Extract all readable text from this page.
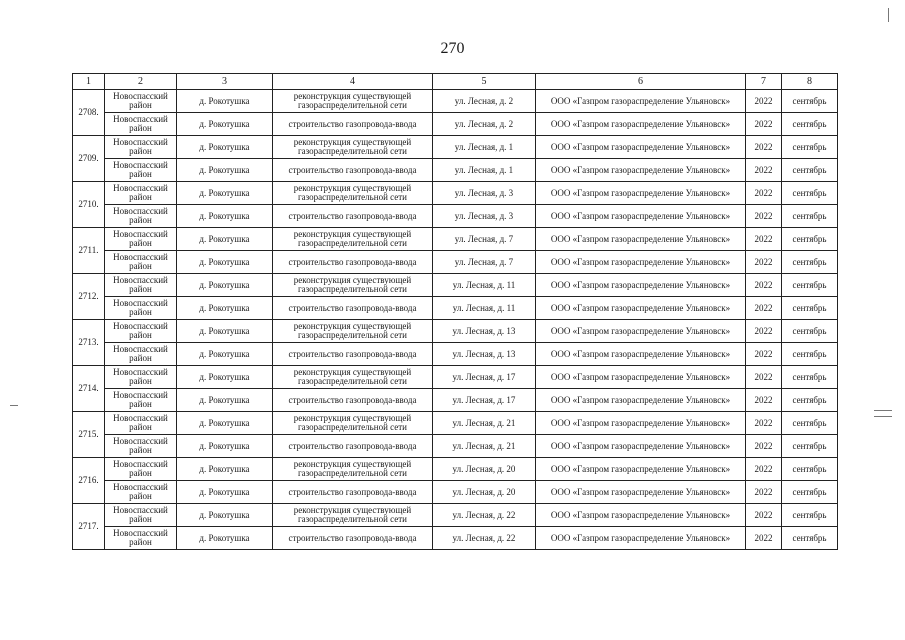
270
1	2	3	4	5	6	7	8
2708.	Новоспасский район	д. Рокотушка	реконструкция существующей газораспределительной сети	ул. Лесная, д. 2	ООО «Газпром газораспределение Ульяновск»	2022	сентябрь
	Новоспасский район	д. Рокотушка	строительство газопровода-ввода	ул. Лесная, д. 2	ООО «Газпром газораспределение Ульяновск»	2022	сентябрь
2709.	Новоспасский район	д. Рокотушка	реконструкция существующей газораспределительной сети	ул. Лесная, д. 1	ООО «Газпром газораспределение Ульяновск»	2022	сентябрь
	Новоспасский район	д. Рокотушка	строительство газопровода-ввода	ул. Лесная, д. 1	ООО «Газпром газораспределение Ульяновск»	2022	сентябрь
2710.	Новоспасский район	д. Рокотушка	реконструкция существующей газораспределительной сети	ул. Лесная, д. 3	ООО «Газпром газораспределение Ульяновск»	2022	сентябрь
	Новоспасский район	д. Рокотушка	строительство газопровода-ввода	ул. Лесная, д. 3	ООО «Газпром газораспределение Ульяновск»	2022	сентябрь
2711.	Новоспасский район	д. Рокотушка	реконструкция существующей газораспределительной сети	ул. Лесная, д. 7	ООО «Газпром газораспределение Ульяновск»	2022	сентябрь
	Новоспасский район	д. Рокотушка	строительство газопровода-ввода	ул. Лесная, д. 7	ООО «Газпром газораспределение Ульяновск»	2022	сентябрь
2712.	Новоспасский район	д. Рокотушка	реконструкция существующей газораспределительной сети	ул. Лесная, д. 11	ООО «Газпром газораспределение Ульяновск»	2022	сентябрь
	Новоспасский район	д. Рокотушка	строительство газопровода-ввода	ул. Лесная, д. 11	ООО «Газпром газораспределение Ульяновск»	2022	сентябрь
2713.	Новоспасский район	д. Рокотушка	реконструкция существующей газораспределительной сети	ул. Лесная, д. 13	ООО «Газпром газораспределение Ульяновск»	2022	сентябрь
	Новоспасский район	д. Рокотушка	строительство газопровода-ввода	ул. Лесная, д. 13	ООО «Газпром газораспределение Ульяновск»	2022	сентябрь
2714.	Новоспасский район	д. Рокотушка	реконструкция существующей газораспределительной сети	ул. Лесная, д. 17	ООО «Газпром газораспределение Ульяновск»	2022	сентябрь
	Новоспасский район	д. Рокотушка	строительство газопровода-ввода	ул. Лесная, д. 17	ООО «Газпром газораспределение Ульяновск»	2022	сентябрь
2715.	Новоспасский район	д. Рокотушка	реконструкция существующей газораспределительной сети	ул. Лесная, д. 21	ООО «Газпром газораспределение Ульяновск»	2022	сентябрь
	Новоспасский район	д. Рокотушка	строительство газопровода-ввода	ул. Лесная, д. 21	ООО «Газпром газораспределение Ульяновск»	2022	сентябрь
2716.	Новоспасский район	д. Рокотушка	реконструкция существующей газораспределительной сети	ул. Лесная, д. 20	ООО «Газпром газораспределение Ульяновск»	2022	сентябрь
	Новоспасский район	д. Рокотушка	строительство газопровода-ввода	ул. Лесная, д. 20	ООО «Газпром газораспределение Ульяновск»	2022	сентябрь
2717.	Новоспасский район	д. Рокотушка	реконструкция существующей газораспределительной сети	ул. Лесная, д. 22	ООО «Газпром газораспределение Ульяновск»	2022	сентябрь
	Новоспасский район	д. Рокотушка	строительство газопровода-ввода	ул. Лесная, д. 22	ООО «Газпром газораспределение Ульяновск»	2022	сентябрь
